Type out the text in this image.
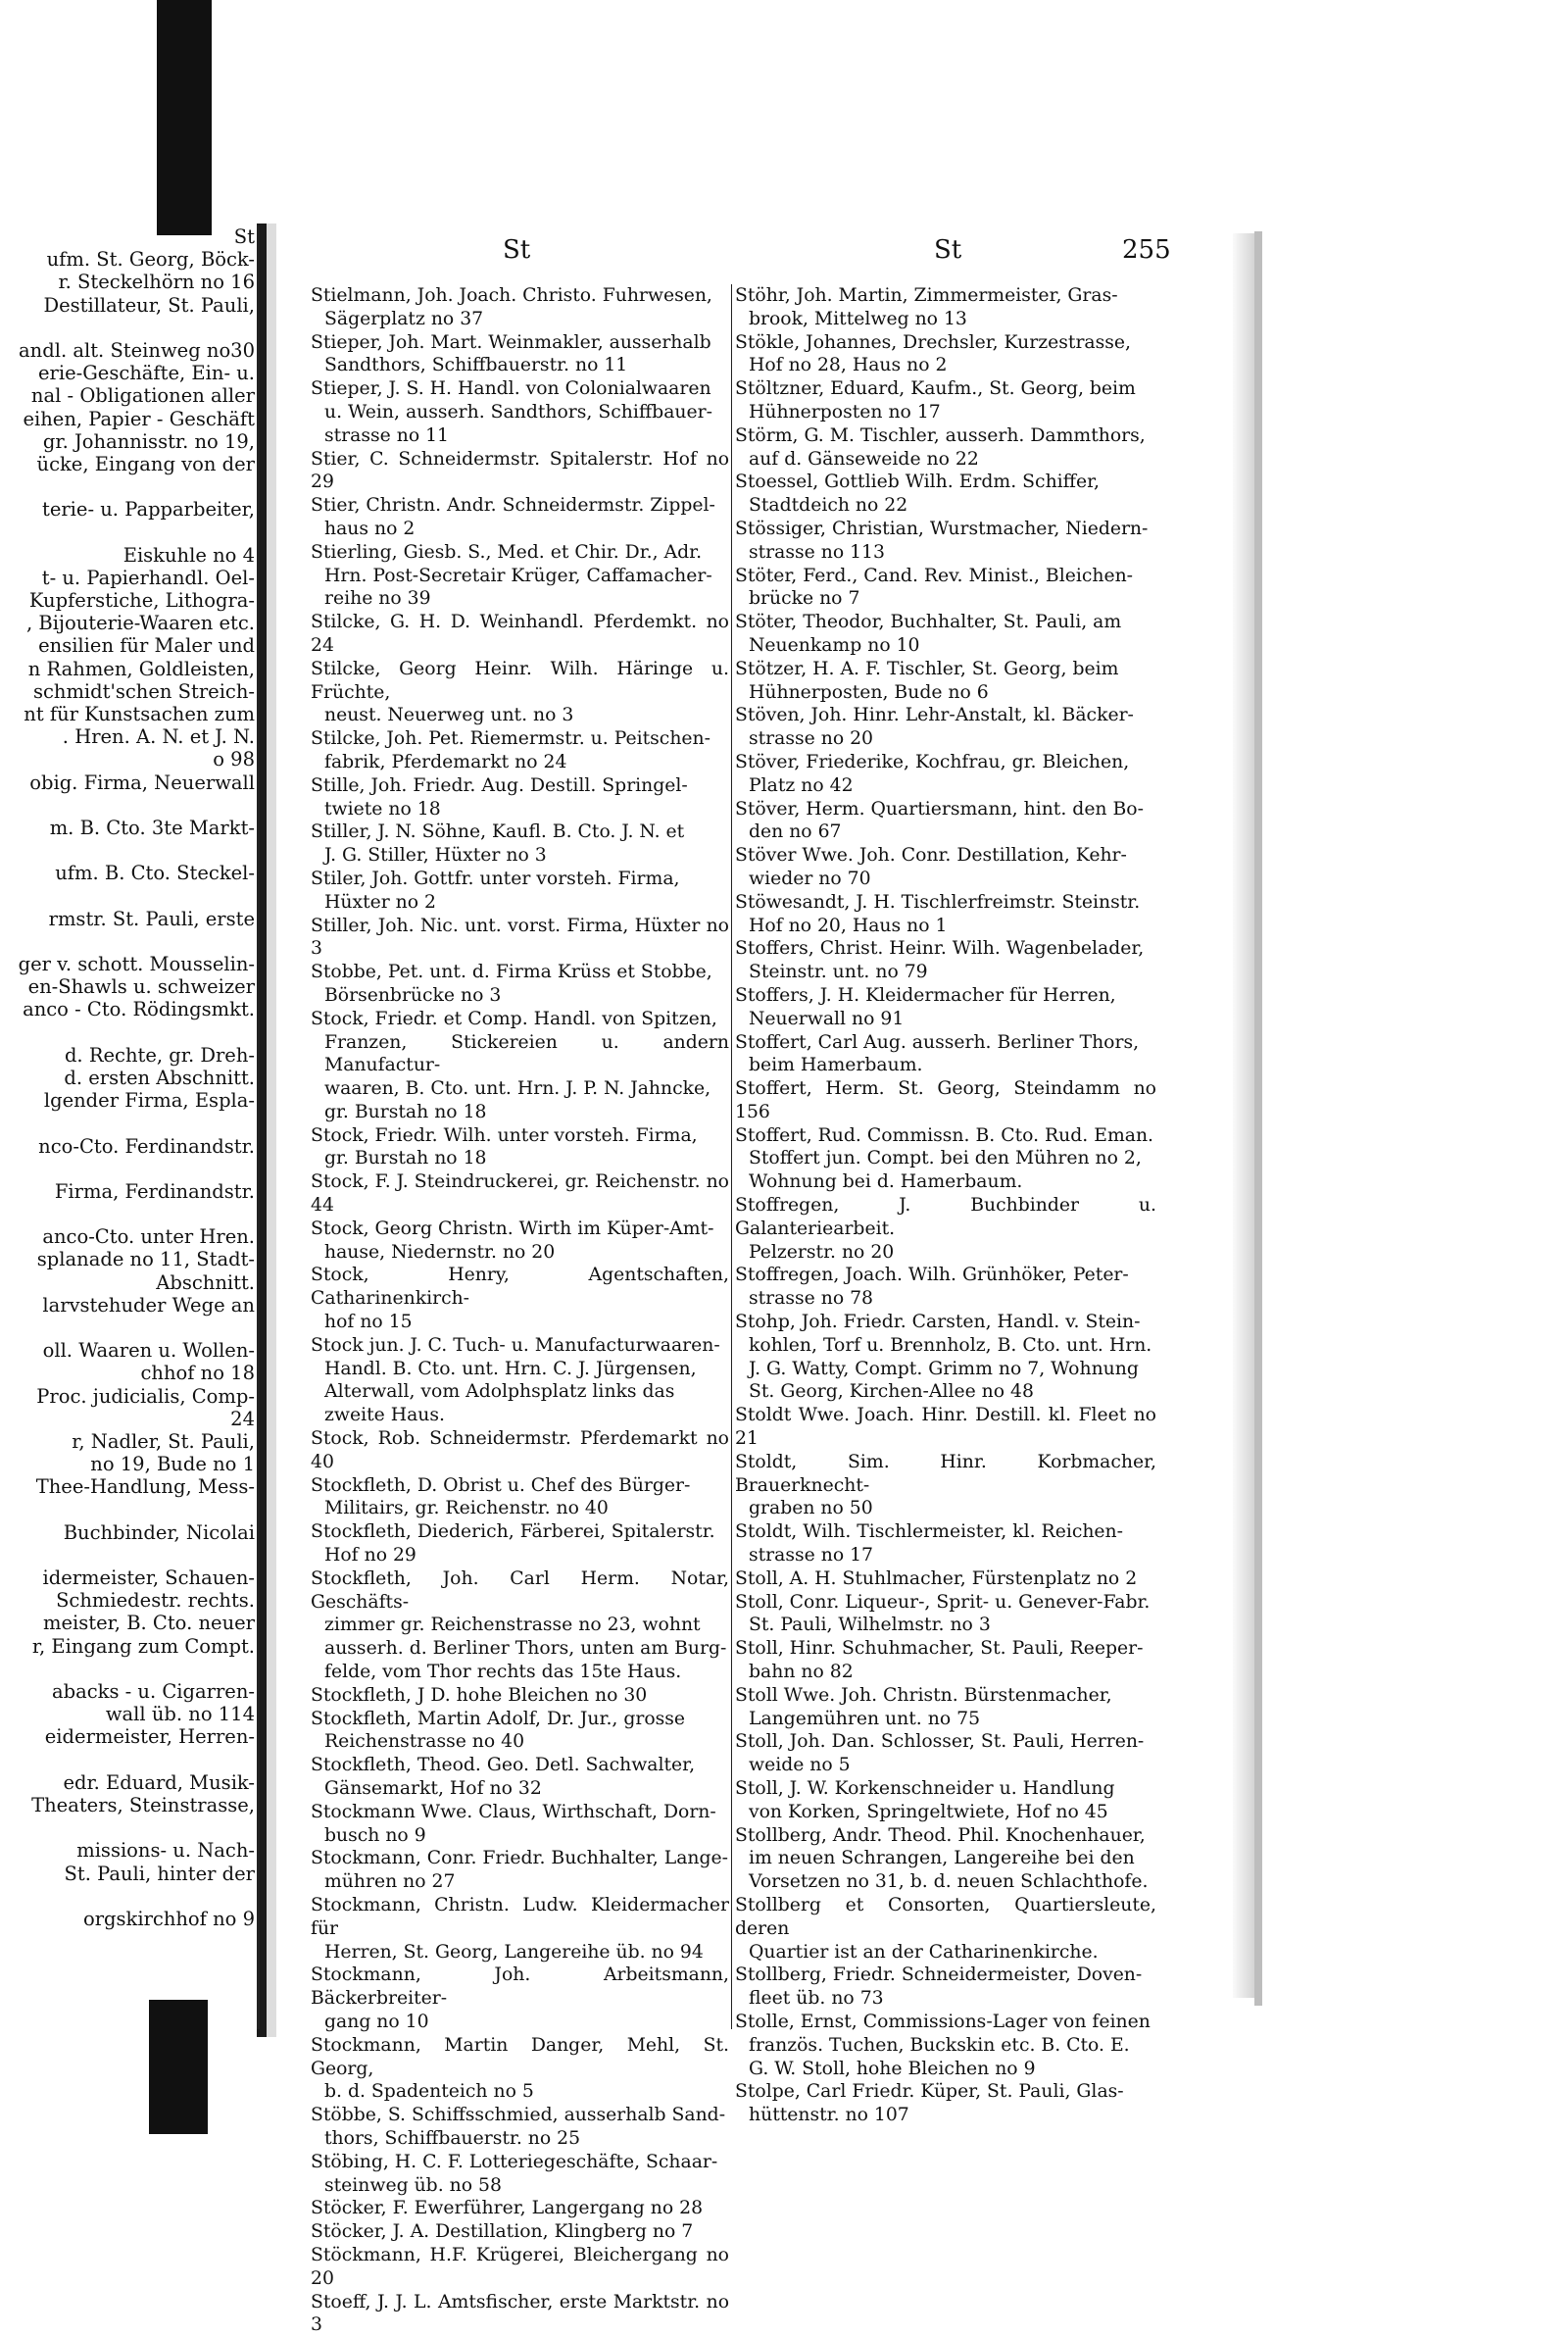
St
ufm. St. Georg, Böck-
r. Steckelhörn no 16
Destillateur, St. Pauli,
andl. alt. Steinweg no30
erie-Geschäfte, Ein- u.
nal - Obligationen aller
eihen, Papier - Geschäft
gr. Johannisstr. no 19,
ücke, Eingang von der
terie- u. Papparbeiter,
Eiskuhle no 4
t- u. Papierhandl. Oel-
Kupferstiche, Lithogra-
, Bijouterie-Waaren etc.
ensilien für Maler und
n Rahmen, Goldleisten,
schmidt'schen Streich-
nt für Kunstsachen zum
. Hren. A. N. et J. N.
o 98
obig. Firma, Neuerwall
m. B. Cto. 3te Markt-
ufm. B. Cto. Steckel-
rmstr. St. Pauli, erste
ger v. schott. Mousselin-
en-Shawls u. schweizer
anco - Cto. Rödingsmkt.
d. Rechte, gr. Dreh-
d. ersten Abschnitt.
lgender Firma, Espla-
nco-Cto. Ferdinandstr.
Firma, Ferdinandstr.
anco-Cto. unter Hren.
splanade no 11, Stadt-
Abschnitt.
larvstehuder Wege an
oll. Waaren u. Wollen-
chhof no 18
Proc. judicialis, Comp-
24
r, Nadler, St. Pauli,
no 19, Bude no 1
Thee-Handlung, Mess-
Buchbinder, Nicolai
idermeister, Schauen-
Schmiedestr. rechts.
meister, B. Cto. neuer
r, Eingang zum Compt.
abacks - u. Cigarren-
wall üb. no 114
eidermeister, Herren-
edr. Eduard, Musik-
Theaters, Steinstrasse,
missions- u. Nach-
St. Pauli, hinter der
orgskirchhof no 9
St	St	255
Stielmann, Joh. Joach. Christo. Fuhrwesen,
Sägerplatz no 37
Stieper, Joh. Mart. Weinmakler, ausserhalb
Sandthors, Schiffbauerstr. no 11
Stieper, J. S. H. Handl. von Colonialwaaren
u. Wein, ausserh. Sandthors, Schiffbauer-
strasse no 11
Stier, C. Schneidermstr. Spitalerstr. Hof no 29
Stier, Christn. Andr. Schneidermstr. Zippel-
haus no 2
Stierling, Giesb. S., Med. et Chir. Dr., Adr.
Hrn. Post-Secretair Krüger, Caffamacher-
reihe no 39
Stilcke, G. H. D. Weinhandl. Pferdemkt. no 24
Stilcke, Georg Heinr. Wilh. Häringe u. Früchte,
neust. Neuerweg unt. no 3
Stilcke, Joh. Pet. Riemermstr. u. Peitschen-
fabrik, Pferdemarkt no 24
Stille, Joh. Friedr. Aug. Destill. Springel-
twiete no 18
Stiller, J. N. Söhne, Kaufl. B. Cto. J. N. et
J. G. Stiller, Hüxter no 3
Stiler, Joh. Gottfr. unter vorsteh. Firma,
Hüxter no 2
Stiller, Joh. Nic. unt. vorst. Firma, Hüxter no 3
Stobbe, Pet. unt. d. Firma Krüss et Stobbe,
Börsenbrücke no 3
Stock, Friedr. et Comp. Handl. von Spitzen,
Franzen, Stickereien u. andern Manufactur-
waaren, B. Cto. unt. Hrn. J. P. N. Jahncke,
gr. Burstah no 18
Stock, Friedr. Wilh. unter vorsteh. Firma,
gr. Burstah no 18
Stock, F. J. Steindruckerei, gr. Reichenstr. no 44
Stock, Georg Christn. Wirth im Küper-Amt-
hause, Niedernstr. no 20
Stock, Henry, Agentschaften, Catharinenkirch-
hof no 15
Stock jun. J. C. Tuch- u. Manufacturwaaren-
Handl. B. Cto. unt. Hrn. C. J. Jürgensen,
Alterwall, vom Adolphsplatz links das
zweite Haus.
Stock, Rob. Schneidermstr. Pferdemarkt no 40
Stockfleth, D. Obrist u. Chef des Bürger-
Militairs, gr. Reichenstr. no 40
Stockfleth, Diederich, Färberei, Spitalerstr.
Hof no 29
Stockfleth, Joh. Carl Herm. Notar, Geschäfts-
zimmer gr. Reichenstrasse no 23, wohnt
ausserh. d. Berliner Thors, unten am Burg-
felde, vom Thor rechts das 15te Haus.
Stockfleth, J D. hohe Bleichen no 30
Stockfleth, Martin Adolf, Dr. Jur., grosse
Reichenstrasse no 40
Stockfleth, Theod. Geo. Detl. Sachwalter,
Gänsemarkt, Hof no 32
Stockmann Wwe. Claus, Wirthschaft, Dorn-
busch no 9
Stockmann, Conr. Friedr. Buchhalter, Lange-
mühren no 27
Stockmann, Christn. Ludw. Kleidermacher für
Herren, St. Georg, Langereihe üb. no 94
Stockmann, Joh. Arbeitsmann, Bäckerbreiter-
gang no 10
Stockmann, Martin Danger, Mehl, St. Georg,
b. d. Spadenteich no 5
Stöbbe, S. Schiffsschmied, ausserhalb Sand-
thors, Schiffbauerstr. no 25
Stöbing, H. C. F. Lotteriegeschäfte, Schaar-
steinweg üb. no 58
Stöcker, F. Ewerführer, Langergang no 28
Stöcker, J. A. Destillation, Klingberg no 7
Stöckmann, H.F. Krügerei, Bleichergang no 20
Stoeff, J. J. L. Amtsfischer, erste Marktstr. no 3
Stöhr, Joh. Martin, Zimmermeister, Gras-
brook, Mittelweg no 13
Stökle, Johannes, Drechsler, Kurzestrasse,
Hof no 28, Haus no 2
Stöltzner, Eduard, Kaufm., St. Georg, beim
Hühnerposten no 17
Störm, G. M. Tischler, ausserh. Dammthors,
auf d. Gänseweide no 22
Stoessel, Gottlieb Wilh. Erdm. Schiffer,
Stadtdeich no 22
Stössiger, Christian, Wurstmacher, Niedern-
strasse no 113
Stöter, Ferd., Cand. Rev. Minist., Bleichen-
brücke no 7
Stöter, Theodor, Buchhalter, St. Pauli, am
Neuenkamp no 10
Stötzer, H. A. F. Tischler, St. Georg, beim
Hühnerposten, Bude no 6
Stöven, Joh. Hinr. Lehr-Anstalt, kl. Bäcker-
strasse no 20
Stöver, Friederike, Kochfrau, gr. Bleichen,
Platz no 42
Stöver, Herm. Quartiersmann, hint. den Bo-
den no 67
Stöver Wwe. Joh. Conr. Destillation, Kehr-
wieder no 70
Stöwesandt, J. H. Tischlerfreimstr. Steinstr.
Hof no 20, Haus no 1
Stoffers, Christ. Heinr. Wilh. Wagenbelader,
Steinstr. unt. no 79
Stoffers, J. H. Kleidermacher für Herren,
Neuerwall no 91
Stoffert, Carl Aug. ausserh. Berliner Thors,
beim Hamerbaum.
Stoffert, Herm. St. Georg, Steindamm no 156
Stoffert, Rud. Commissn. B. Cto. Rud. Eman.
Stoffert jun. Compt. bei den Mühren no 2,
Wohnung bei d. Hamerbaum.
Stoffregen, J. Buchbinder u. Galanteriearbeit.
Pelzerstr. no 20
Stoffregen, Joach. Wilh. Grünhöker, Peter-
strasse no 78
Stohp, Joh. Friedr. Carsten, Handl. v. Stein-
kohlen, Torf u. Brennholz, B. Cto. unt. Hrn.
J. G. Watty, Compt. Grimm no 7, Wohnung
St. Georg, Kirchen-Allee no 48
Stoldt Wwe. Joach. Hinr. Destill. kl. Fleet no 21
Stoldt, Sim. Hinr. Korbmacher, Brauerknecht-
graben no 50
Stoldt, Wilh. Tischlermeister, kl. Reichen-
strasse no 17
Stoll, A. H. Stuhlmacher, Fürstenplatz no 2
Stoll, Conr. Liqueur-, Sprit- u. Genever-Fabr.
St. Pauli, Wilhelmstr. no 3
Stoll, Hinr. Schuhmacher, St. Pauli, Reeper-
bahn no 82
Stoll Wwe. Joh. Christn. Bürstenmacher,
Langemühren unt. no 75
Stoll, Joh. Dan. Schlosser, St. Pauli, Herren-
weide no 5
Stoll, J. W. Korkenschneider u. Handlung
von Korken, Springeltwiete, Hof no 45
Stollberg, Andr. Theod. Phil. Knochenhauer,
im neuen Schrangen, Langereihe bei den
Vorsetzen no 31, b. d. neuen Schlachthofe.
Stollberg et Consorten, Quartiersleute, deren
Quartier ist an der Catharinenkirche.
Stollberg, Friedr. Schneidermeister, Doven-
fleet üb. no 73
Stolle, Ernst, Commissions-Lager von feinen
französ. Tuchen, Buckskin etc. B. Cto. E.
G. W. Stoll, hohe Bleichen no 9
Stolpe, Carl Friedr. Küper, St. Pauli, Glas-
hüttenstr. no 107
